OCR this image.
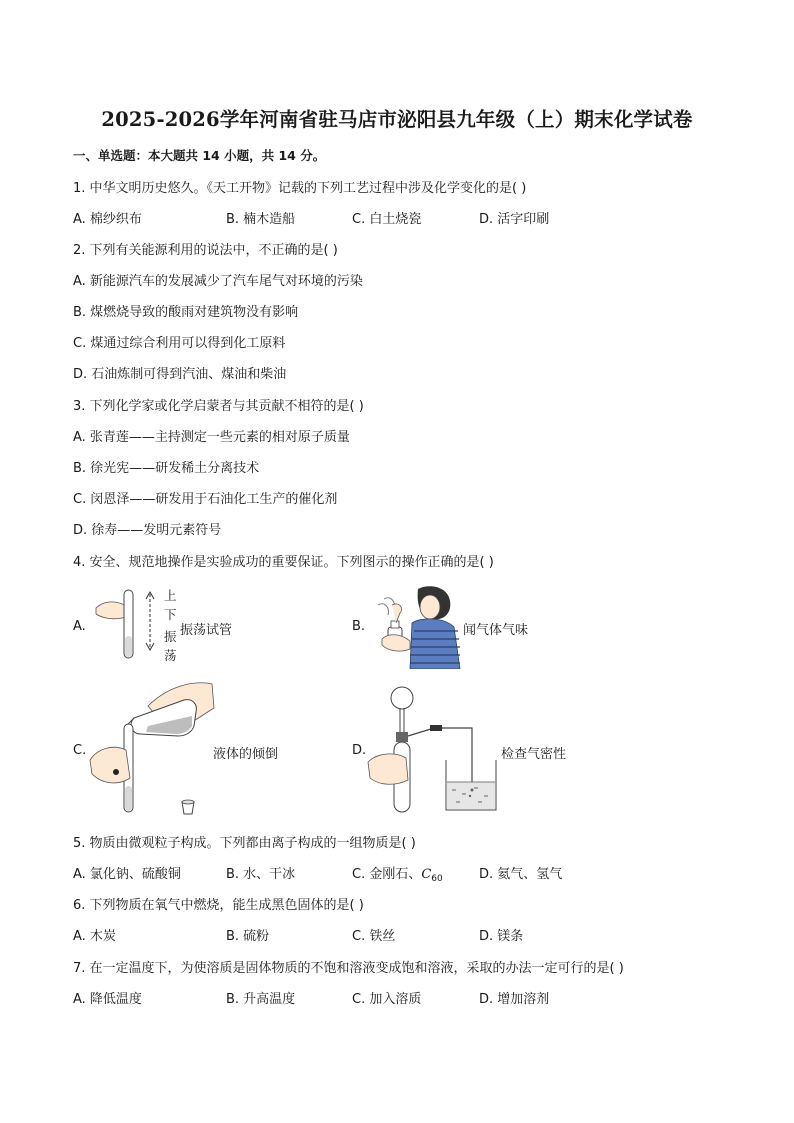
2025-2026学年河南省驻马店市泌阳县九年级（上）期末化学试卷
一、单选题：本大题共 14 小题，共 14 分。
1. 中华文明历史悠久。《天工开物》记载的下列工艺过程中涉及化学变化的是( )
A. 棉纱织布	B. 楠木造船	C. 白土烧瓷	D. 活字印刷
2. 下列有关能源利用的说法中，不正确的是( )
A. 新能源汽车的发展减少了汽车尾气对环境的污染
B. 煤燃烧导致的酸雨对建筑物没有影响
C. 煤通过综合利用可以得到化工原料
D. 石油炼制可得到汽油、煤油和柴油
3. 下列化学家或化学启蒙者与其贡献不相符的是( )
A. 张青莲——主持测定一些元素的相对原子质量
B. 徐光宪——研发稀土分离技术
C. 闵恩泽——研发用于石油化工生产的催化剂
D. 徐寿——发明元素符号
4. 安全、规范地操作是实验成功的重要保证。下列图示的操作正确的是( )
A.
上
下
振
荡
振荡试管	B.	闻气体气味
C.	液体的倾倒	D.	检查气密性
5. 物质由微观粒子构成。下列都由离子构成的一组物质是( )
A. 氯化钠、硫酸铜	B. 水、干冰	C. 金刚石、$C_{60}$	D. 氦气、氢气
6. 下列物质在氧气中燃烧，能生成黑色固体的是( )
A. 木炭	B. 硫粉	C. 铁丝	D. 镁条
7. 在一定温度下，为使溶质是固体物质的不饱和溶液变成饱和溶液，采取的办法一定可行的是( )
A. 降低温度	B. 升高温度	C. 加入溶质	D. 增加溶剂
